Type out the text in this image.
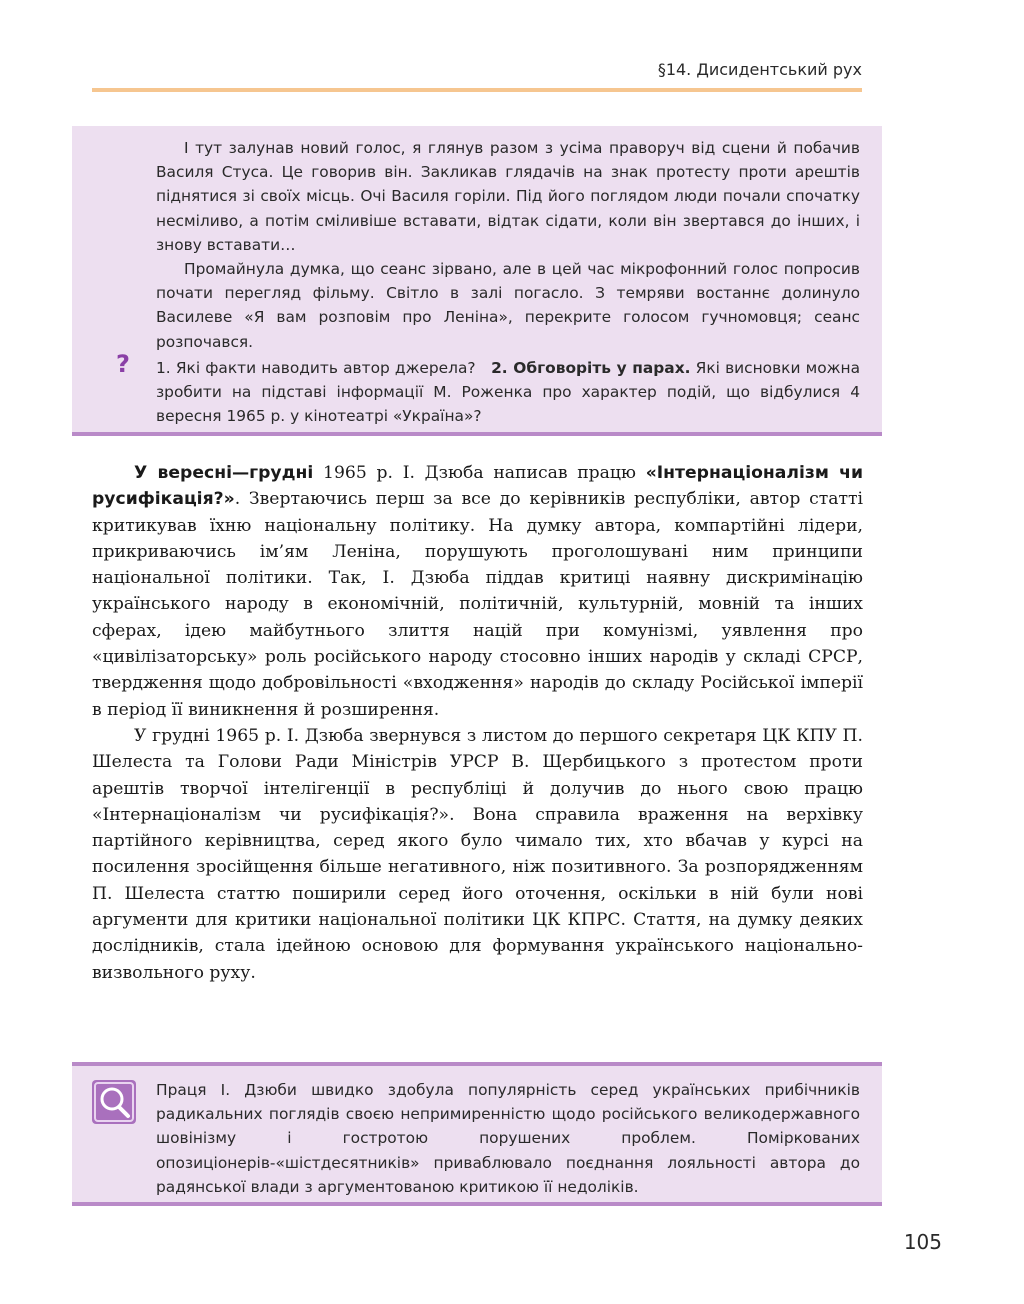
§14. Дисидентський рух

І тут залунав новий голос, я глянув разом з усіма праворуч від сцени й побачив Василя Стуса. Це говорив він. Закликав глядачів на знак протесту проти арештів піднятися зі своїх місць. Очі Василя горіли. Під його поглядом люди почали спочатку несміливо, а потім сміливіше вставати, відтак сідати, коли він звертався до інших, і знову вставати…

Промайнула думка, що сеанс зірвано, але в цей час мікрофонний голос попросив почати перегляд фільму. Світло в залі погасло. З темряви востаннє долинуло Василеве «Я вам розповім про Леніна», перекрите голосом гучномовця; сеанс розпочався.

? 1. Які факти наводить автор джерела? 2. Обговоріть у парах. Які висновки можна зробити на підставі інформації М. Роженка про характер подій, що відбулися 4 вересня 1965 р. у кінотеатрі «Україна»?

У вересні—грудні 1965 р. І. Дзюба написав працю «Інтернаціоналізм чи русифікація?». Звертаючись перш за все до керівників республіки, автор статті критикував їхню національну політику. На думку автора, компартійні лідери, прикриваючись ім’ям Леніна, порушують проголошувані ним принципи національної політики. Так, І. Дзюба піддав критиці наявну дискримінацію українського народу в економічній, політичній, культурній, мовній та інших сферах, ідею майбутнього злиття націй при комунізмі, уявлення про «цивілізаторську» роль російського народу стосовно інших народів у складі СРСР, твердження щодо добровільності «входження» народів до складу Російської імперії в період її виникнення й розширення.

У грудні 1965 р. І. Дзюба звернувся з листом до першого секретаря ЦК КПУ П. Шелеста та Голови Ради Міністрів УРСР В. Щербицького з протестом проти арештів творчої інтелігенції в республіці й долучив до нього свою працю «Інтернаціоналізм чи русифікація?». Вона справила враження на верхівку партійного керівництва, серед якого було чимало тих, хто вбачав у курсі на посилення зросійщення більше негативного, ніж позитивного. За розпорядженням П. Шелеста статтю поширили серед його оточення, оскільки в ній були нові аргументи для критики національної політики ЦК КПРС. Стаття, на думку деяких дослідників, стала ідейною основою для формування українського національно-визвольного руху.

Праця І. Дзюби швидко здобула популярність серед українських прибічників радикальних поглядів своєю непримиренністю щодо російського великодержавного шовінізму і гостротою порушених проблем. Поміркованих опозиціонерів-«шістдесятників» приваблювало поєднання лояльності автора до радянської влади з аргументованою критикою її недоліків.
105
